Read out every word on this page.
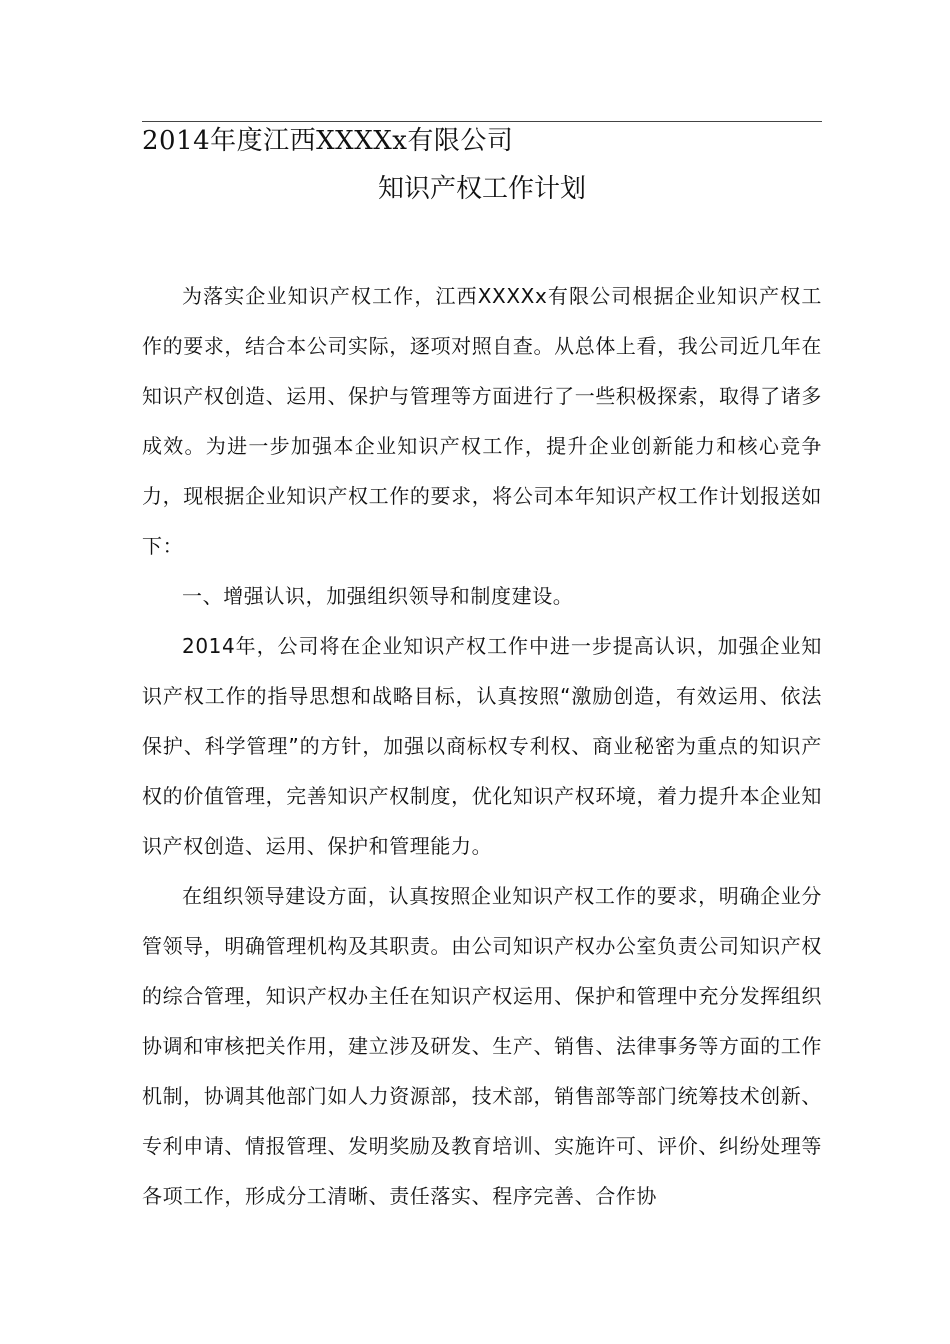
2014年度江西XXXXx有限公司
知识产权工作计划

为落实企业知识产权工作，江西XXXXx有限公司根据企业知识产权工作的要求，结合本公司实际，逐项对照自查。从总体上看，我公司近几年在知识产权创造、运用、保护与管理等方面进行了一些积极探索，取得了诸多成效。为进一步加强本企业知识产权工作，提升企业创新能力和核心竞争力，现根据企业知识产权工作的要求，将公司本年知识产权工作计划报送如下：

一、增强认识，加强组织领导和制度建设。

2014年，公司将在企业知识产权工作中进一步提高认识，加强企业知识产权工作的指导思想和战略目标，认真按照“激励创造，有效运用、依法保护、科学管理”的方针，加强以商标权专利权、商业秘密为重点的知识产权的价值管理，完善知识产权制度，优化知识产权环境，着力提升本企业知识产权创造、运用、保护和管理能力。

在组织领导建设方面，认真按照企业知识产权工作的要求，明确企业分管领导，明确管理机构及其职责。由公司知识产权办公室负责公司知识产权的综合管理，知识产权办主任在知识产权运用、保护和管理中充分发挥组织协调和审核把关作用，建立涉及研发、生产、销售、法律事务等方面的工作机制，协调其他部门如人力资源部，技术部，销售部等部门统筹技术创新、专利申请、情报管理、发明奖励及教育培训、实施许可、评价、纠纷处理等各项工作，形成分工清晰、责任落实、程序完善、合作协
